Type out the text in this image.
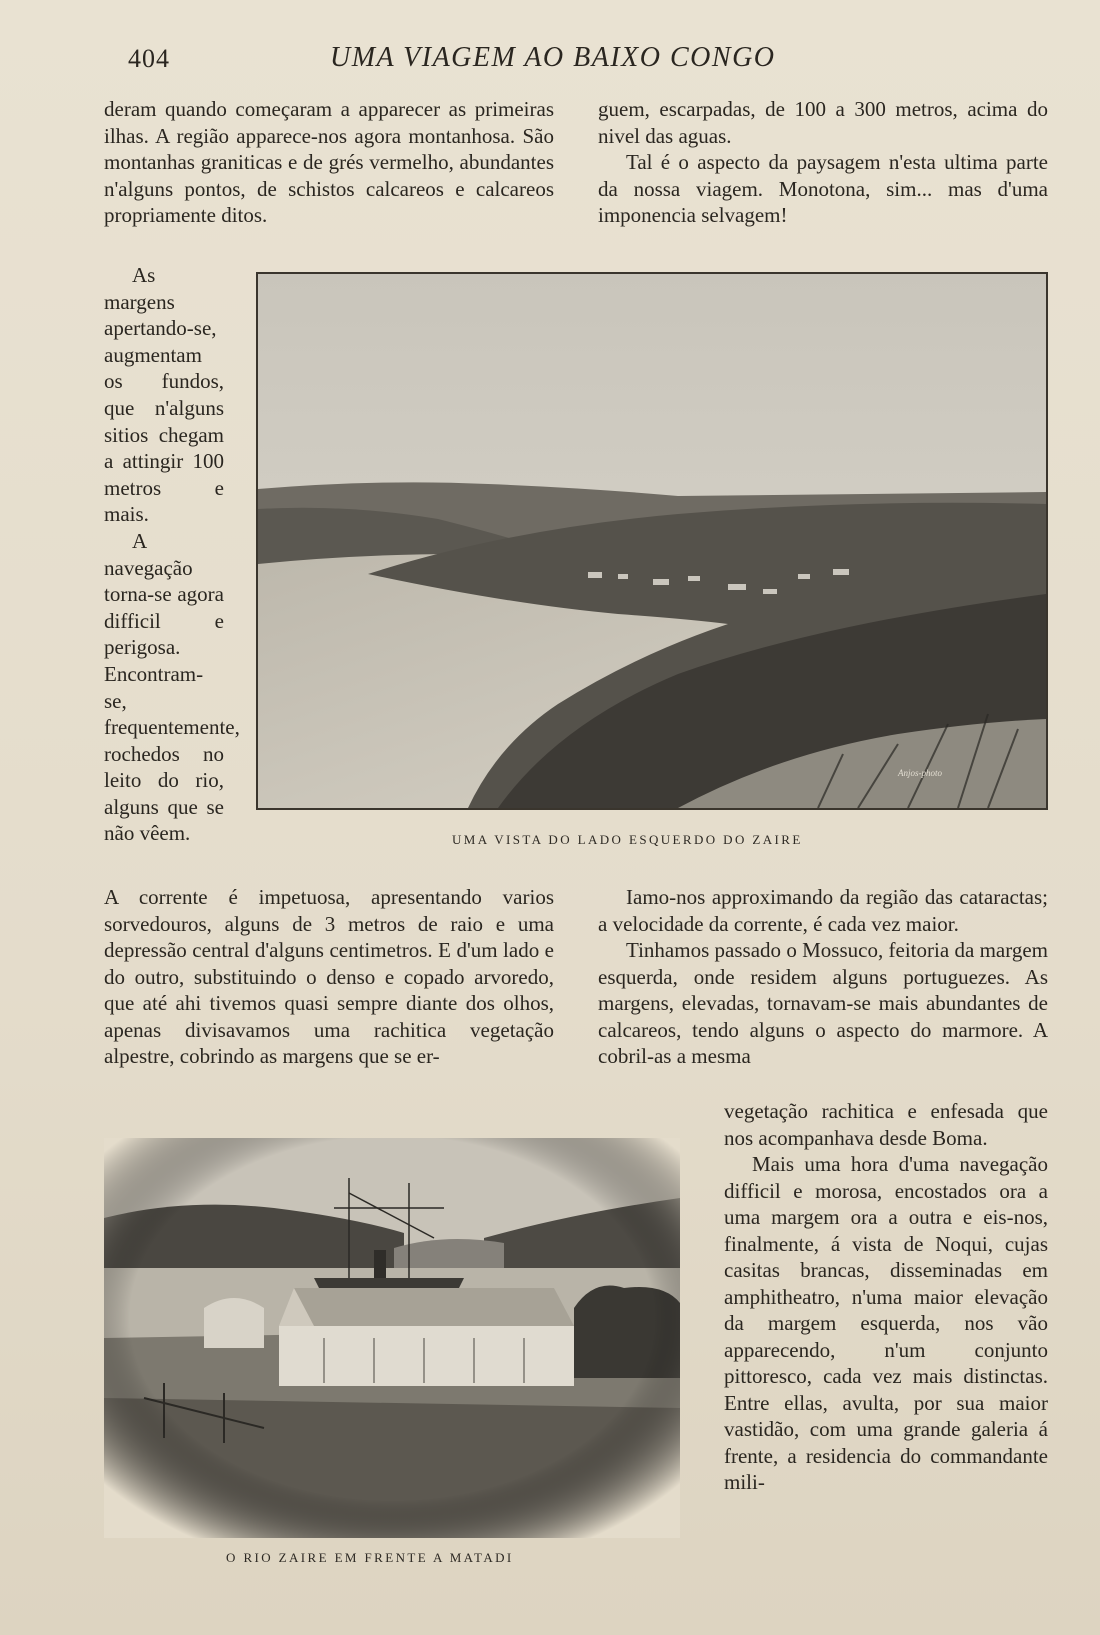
404	UMA VIAGEM AO BAIXO CONGO

deram quando começaram a apparecer as primeiras ilhas. A região apparece-nos agora montanhosa. São montanhas graniticas e de grés vermelho, abundantes n'alguns pontos, de schistos calcareos e calcareos propriamente ditos.

guem, escarpadas, de 100 a 300 metros, acima do nivel das aguas.

Tal é o aspecto da paysagem n'esta ultima parte da nossa viagem. Monotona, sim... mas d'uma imponencia selvagem!

As margens apertando-se, augmentam os fundos, que n'alguns sitios chegam a attingir 100 metros e mais.

A navegação torna-se agora difficil e perigosa. Encontram-se, frequentemente, rochedos no leito do rio, alguns que se não vêem.

Anjos-photo
UMA VISTA DO LADO ESQUERDO DO ZAIRE

A corrente é impetuosa, apresentando varios sorvedouros, alguns de 3 metros de raio e uma depressão central d'alguns centimetros. E d'um lado e do outro, substituindo o denso e copado arvoredo, que até ahi tivemos quasi sempre diante dos olhos, apenas divisavamos uma rachitica vegetação alpestre, cobrindo as margens que se er-

Iamo-nos approximando da região das cataractas; a velocidade da corrente, é cada vez maior.

Tinhamos passado o Mossuco, feitoria da margem esquerda, onde residem alguns portuguezes. As margens, elevadas, tornavam-se mais abundantes de calcareos, tendo alguns o aspecto do marmore. A cobril-as a mesma

vegetação rachitica e enfesada que nos acompanhava desde Boma.

Mais uma hora d'uma navegação difficil e morosa, encostados ora a uma margem ora a outra e eis-nos, finalmente, á vista de Noqui, cujas casitas brancas, disseminadas em amphitheatro, n'uma maior elevação da margem esquerda, nos vão apparecendo, n'um conjunto pittoresco, cada vez mais distinctas. Entre ellas, avulta, por sua maior vastidão, com uma grande galeria á frente, a residencia do commandante mili-

O RIO ZAIRE EM FRENTE A MATADI
